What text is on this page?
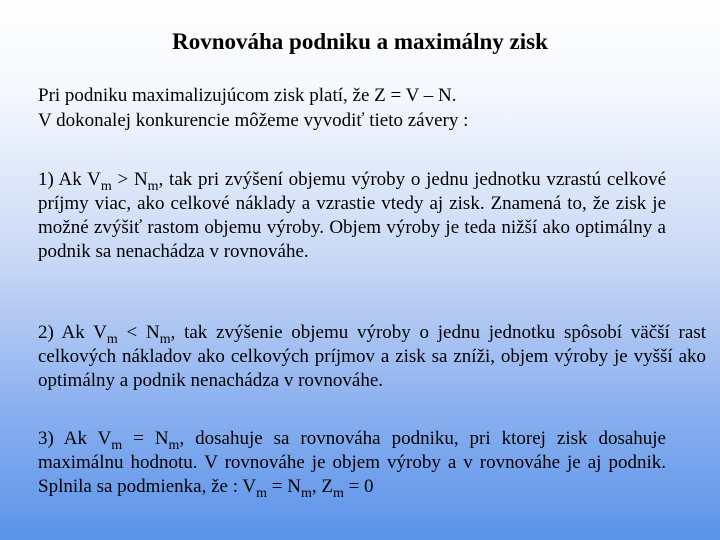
Rovnováha podniku a maximálny zisk
Pri podniku maximalizujúcom zisk platí, že Z = V – N.
V dokonalej konkurencie môžeme vyvodiť tieto závery :
1) Ak $V_m > N_m$, tak pri zvýšení objemu výroby o jednu jednotku vzrastú celkové príjmy viac, ako celkové náklady a vzrastie vtedy aj zisk. Znamená to, že zisk je možné zvýšiť rastom objemu výroby. Objem výroby je teda nižší ako optimálny a podnik sa nenachádza v rovnováhe.
2) Ak $V_m < N_m$, tak zvýšenie objemu výroby o jednu jednotku spôsobí väčší rast celkových nákladov ako celkových príjmov a zisk sa zníži, objem výroby je vyšší ako optimálny a podnik nenachádza v rovnováhe.
3) Ak $V_m = N_m$, dosahuje sa rovnováha podniku, pri ktorej zisk dosahuje maximálnu hodnotu. V rovnováhe je objem výroby a v rovnováhe je aj podnik. Splnila sa podmienka, že : $V_m = N_m$, $Z_m = 0$
